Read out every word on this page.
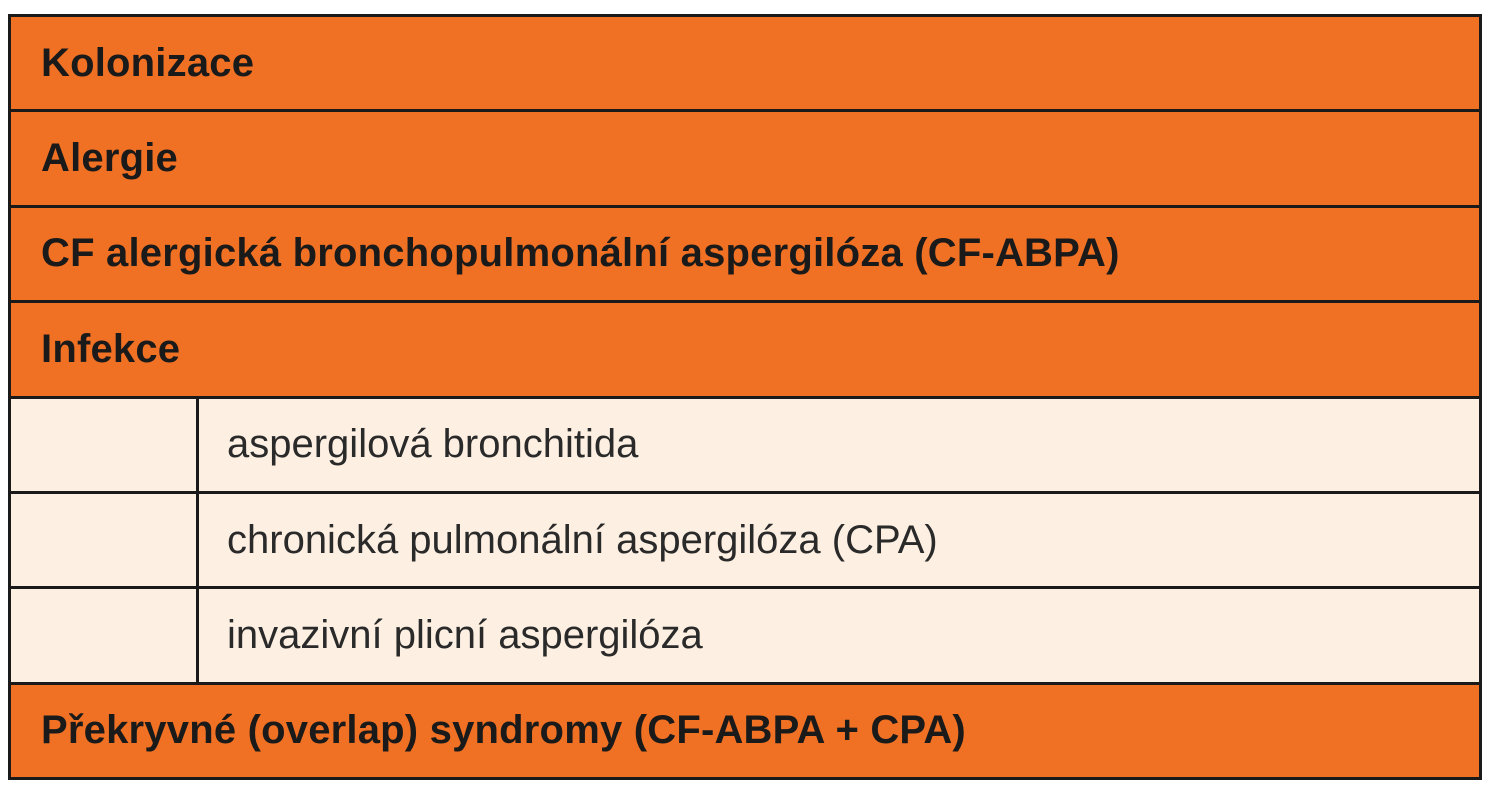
Kolonizace
Alergie
CF alergická bronchopulmonální aspergilóza (CF-ABPA)
Infekce
aspergilová bronchitida
chronická pulmonální aspergilóza (CPA)
invazivní plicní aspergilóza
Překryvné (overlap) syndromy (CF-ABPA + CPA)
